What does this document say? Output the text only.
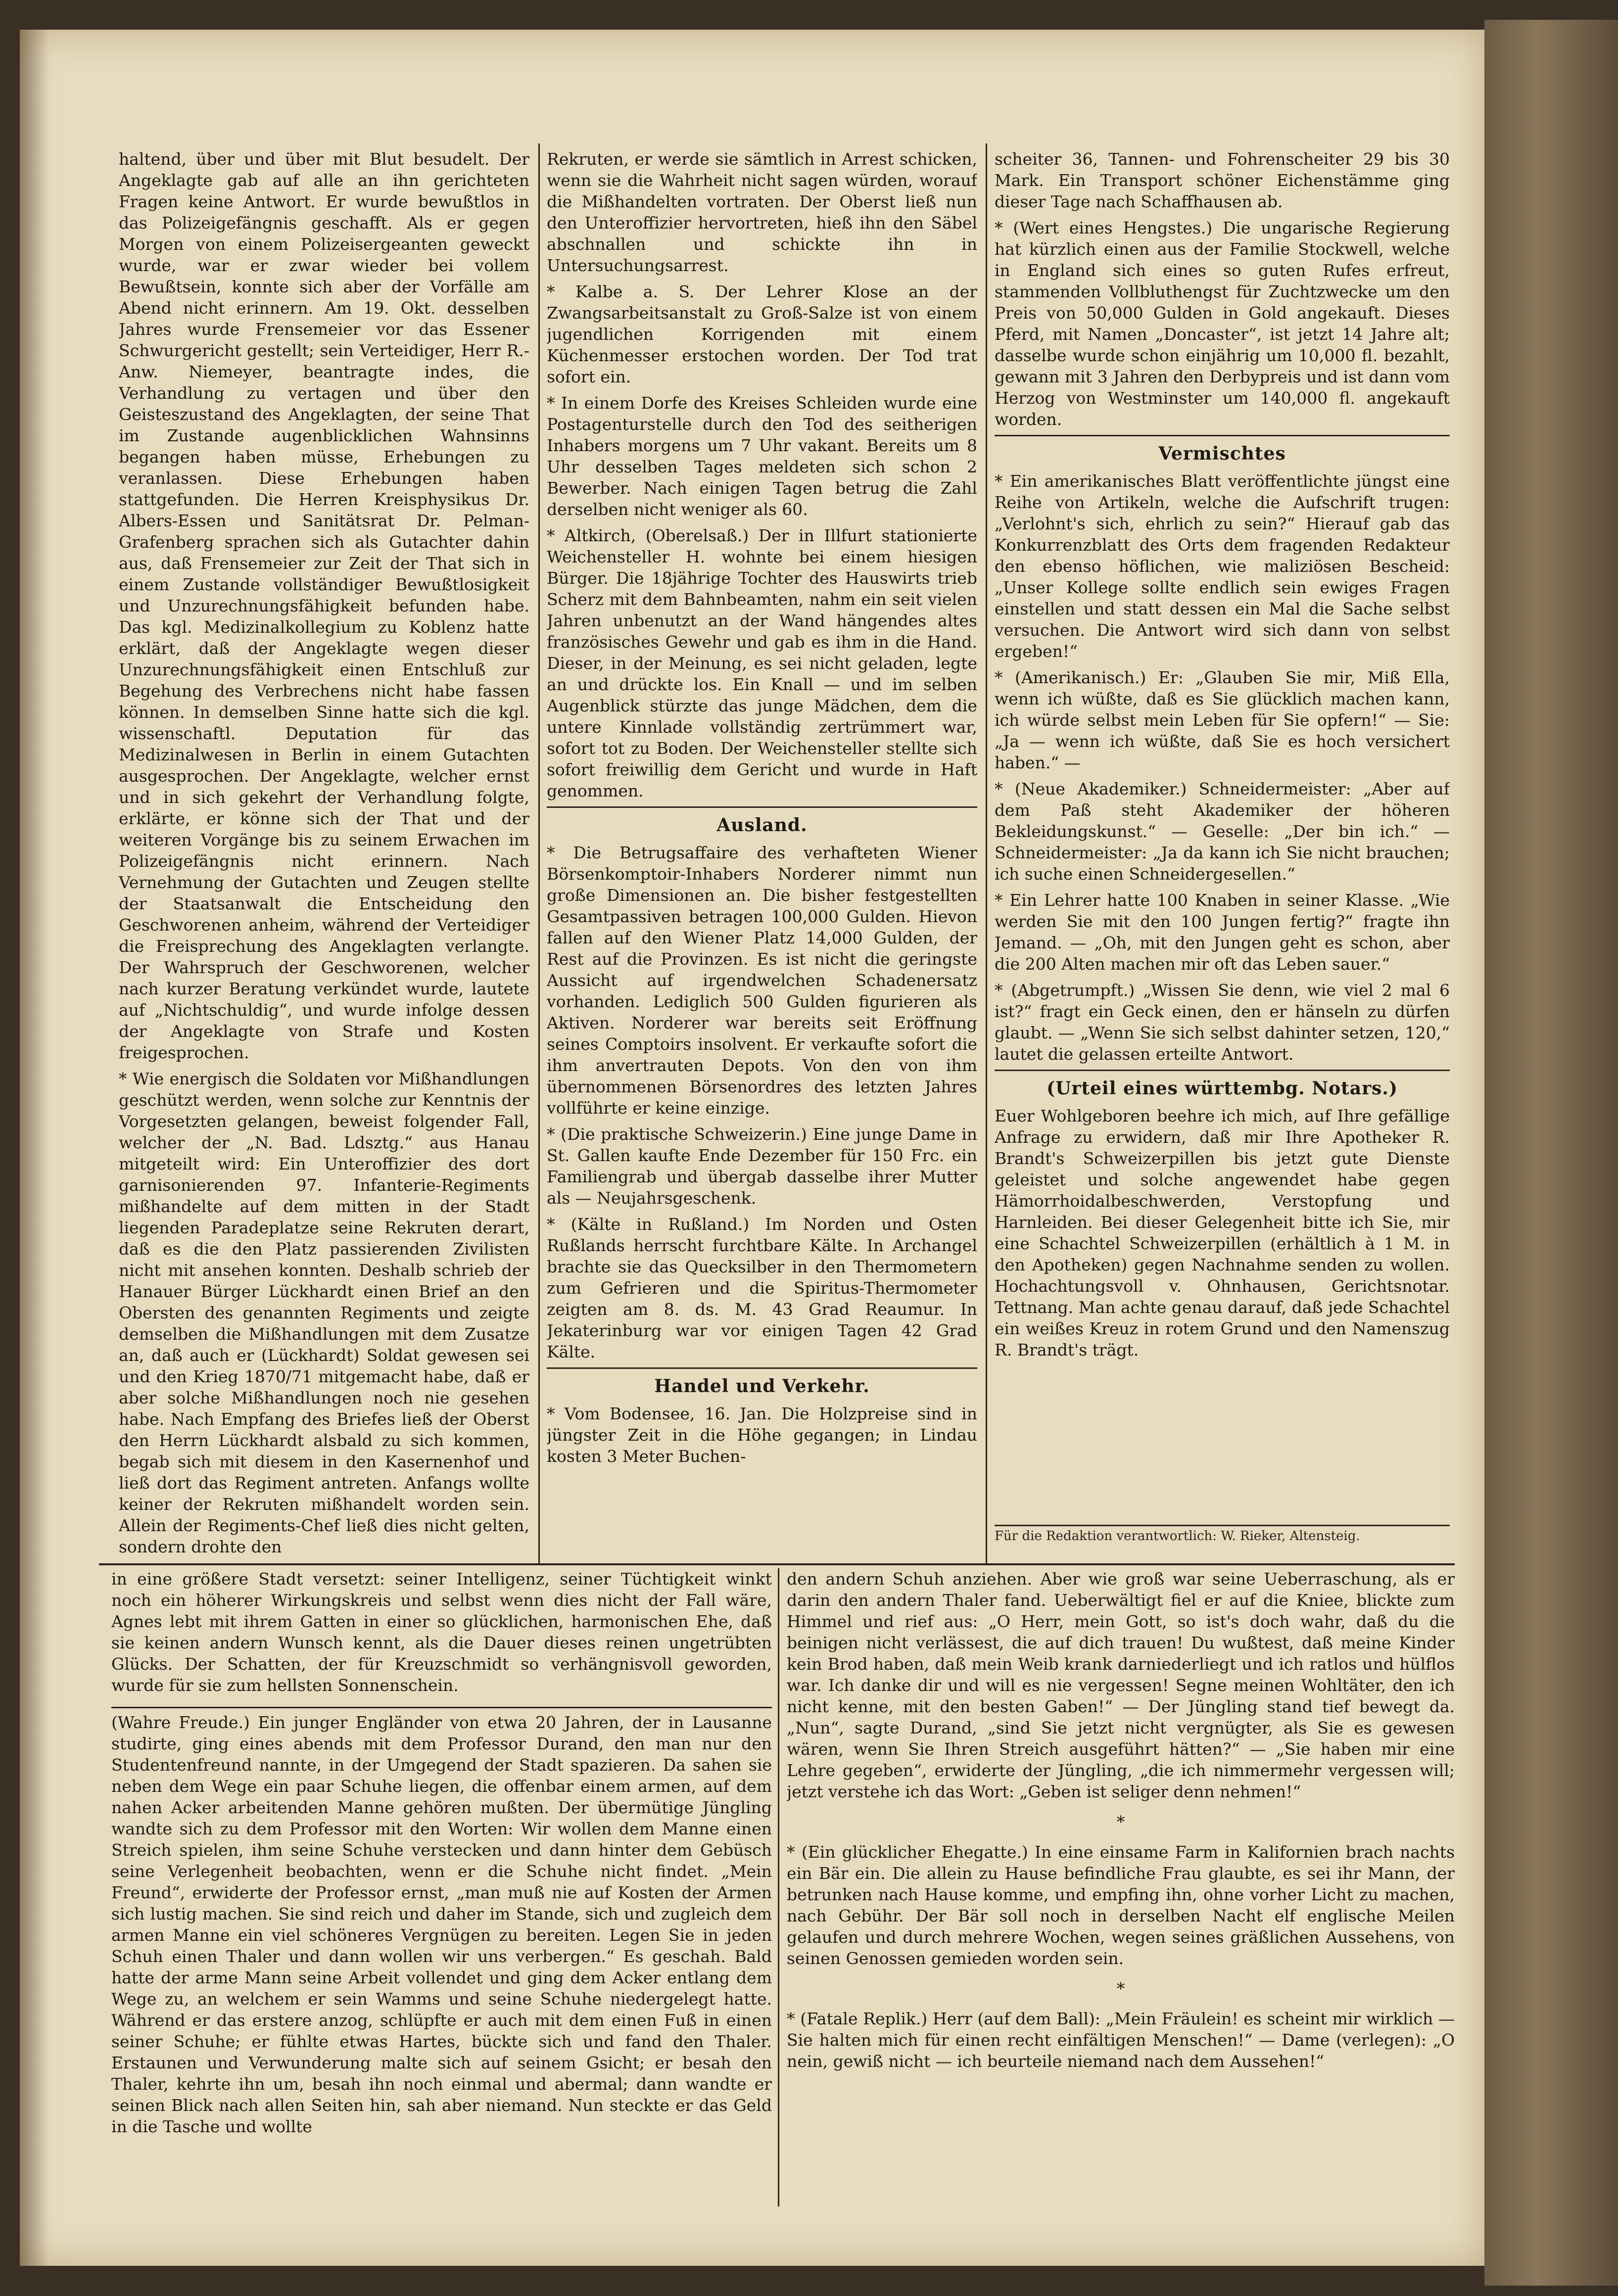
haltend, über und über mit Blut besudelt. Der Angeklagte gab auf alle an ihn gerichteten Fragen keine Antwort. Er wurde bewußtlos in das Polizeigefängnis geschafft. Als er gegen Morgen von einem Polizeisergeanten geweckt wurde, war er zwar wieder bei vollem Bewußtsein, konnte sich aber der Vorfälle am Abend nicht erinnern. Am 19. Okt. desselben Jahres wurde Frensemeier vor das Essener Schwurgericht gestellt; sein Verteidiger, Herr R.-Anw. Niemeyer, beantragte indes, die Verhandlung zu vertagen und über den Geisteszustand des Angeklagten, der seine That im Zustande augenblicklichen Wahnsinns begangen haben müsse, Erhebungen zu veranlassen. Diese Erhebungen haben stattgefunden. Die Herren Kreisphysikus Dr. Albers-Essen und Sanitätsrat Dr. Pelman-Grafenberg sprachen sich als Gutachter dahin aus, daß Frensemeier zur Zeit der That sich in einem Zustande vollständiger Bewußtlosigkeit und Unzurechnungsfähigkeit befunden habe. Das kgl. Medizinalkollegium zu Koblenz hatte erklärt, daß der Angeklagte wegen dieser Unzurechnungsfähigkeit einen Entschluß zur Begehung des Verbrechens nicht habe fassen können. In demselben Sinne hatte sich die kgl. wissenschaftl. Deputation für das Medizinalwesen in Berlin in einem Gutachten ausgesprochen. Der Angeklagte, welcher ernst und in sich gekehrt der Verhandlung folgte, erklärte, er könne sich der That und der weiteren Vorgänge bis zu seinem Erwachen im Polizeigefängnis nicht erinnern. Nach Vernehmung der Gutachten und Zeugen stellte der Staatsanwalt die Entscheidung den Geschworenen anheim, während der Verteidiger die Freisprechung des Angeklagten verlangte. Der Wahrspruch der Geschworenen, welcher nach kurzer Beratung verkündet wurde, lautete auf „Nichtschuldig“, und wurde infolge dessen der Angeklagte von Strafe und Kosten freigesprochen.

* Wie energisch die Soldaten vor Mißhandlungen geschützt werden, wenn solche zur Kenntnis der Vorgesetzten gelangen, beweist folgender Fall, welcher der „N. Bad. Ldsztg.“ aus Hanau mitgeteilt wird: Ein Unteroffizier des dort garnisonierenden 97. Infanterie-Regiments mißhandelte auf dem mitten in der Stadt liegenden Paradeplatze seine Rekruten derart, daß es die den Platz passierenden Zivilisten nicht mit ansehen konnten. Deshalb schrieb der Hanauer Bürger Lückhardt einen Brief an den Obersten des genannten Regiments und zeigte demselben die Mißhandlungen mit dem Zusatze an, daß auch er (Lückhardt) Soldat gewesen sei und den Krieg 1870/71 mitgemacht habe, daß er aber solche Mißhandlungen noch nie gesehen habe. Nach Empfang des Briefes ließ der Oberst den Herrn Lückhardt alsbald zu sich kommen, begab sich mit diesem in den Kasernenhof und ließ dort das Regiment antreten. Anfangs wollte keiner der Rekruten mißhandelt worden sein. Allein der Regiments-Chef ließ dies nicht gelten, sondern drohte den

Rekruten, er werde sie sämtlich in Arrest schicken, wenn sie die Wahrheit nicht sagen würden, worauf die Mißhandelten vortraten. Der Oberst ließ nun den Unteroffizier hervortreten, hieß ihn den Säbel abschnallen und schickte ihn in Untersuchungsarrest.

* Kalbe a. S. Der Lehrer Klose an der Zwangsarbeitsanstalt zu Groß-Salze ist von einem jugendlichen Korrigenden mit einem Küchenmesser erstochen worden. Der Tod trat sofort ein.

* In einem Dorfe des Kreises Schleiden wurde eine Postagenturstelle durch den Tod des seitherigen Inhabers morgens um 7 Uhr vakant. Bereits um 8 Uhr desselben Tages meldeten sich schon 2 Bewerber. Nach einigen Tagen betrug die Zahl derselben nicht weniger als 60.

* Altkirch, (Oberelsaß.) Der in Illfurt stationierte Weichensteller H. wohnte bei einem hiesigen Bürger. Die 18jährige Tochter des Hauswirts trieb Scherz mit dem Bahnbeamten, nahm ein seit vielen Jahren unbenutzt an der Wand hängendes altes französisches Gewehr und gab es ihm in die Hand. Dieser, in der Meinung, es sei nicht geladen, legte an und drückte los. Ein Knall — und im selben Augenblick stürzte das junge Mädchen, dem die untere Kinnlade vollständig zertrümmert war, sofort tot zu Boden. Der Weichensteller stellte sich sofort freiwillig dem Gericht und wurde in Haft genommen.

Ausland.

* Die Betrugsaffaire des verhafteten Wiener Börsenkomptoir-Inhabers Norderer nimmt nun große Dimensionen an. Die bisher festgestellten Gesamtpassiven betragen 100,000 Gulden. Hievon fallen auf den Wiener Platz 14,000 Gulden, der Rest auf die Provinzen. Es ist nicht die geringste Aussicht auf irgendwelchen Schadenersatz vorhanden. Lediglich 500 Gulden figurieren als Aktiven. Norderer war bereits seit Eröffnung seines Comptoirs insolvent. Er verkaufte sofort die ihm anvertrauten Depots. Von den von ihm übernommenen Börsenordres des letzten Jahres vollführte er keine einzige.

* (Die praktische Schweizerin.) Eine junge Dame in St. Gallen kaufte Ende Dezember für 150 Frc. ein Familiengrab und übergab dasselbe ihrer Mutter als — Neujahrsgeschenk.

* (Kälte in Rußland.) Im Norden und Osten Rußlands herrscht furchtbare Kälte. In Archangel brachte sie das Quecksilber in den Thermometern zum Gefrieren und die Spiritus-Thermometer zeigten am 8. ds. M. 43 Grad Reaumur. In Jekaterinburg war vor einigen Tagen 42 Grad Kälte.

Handel und Verkehr.

* Vom Bodensee, 16. Jan. Die Holzpreise sind in jüngster Zeit in die Höhe gegangen; in Lindau kosten 3 Meter Buchen-

scheiter 36, Tannen- und Fohrenscheiter 29 bis 30 Mark. Ein Transport schöner Eichenstämme ging dieser Tage nach Schaffhausen ab.

* (Wert eines Hengstes.) Die ungarische Regierung hat kürzlich einen aus der Familie Stockwell, welche in England sich eines so guten Rufes erfreut, stammenden Vollbluthengst für Zuchtzwecke um den Preis von 50,000 Gulden in Gold angekauft. Dieses Pferd, mit Namen „Doncaster“, ist jetzt 14 Jahre alt; dasselbe wurde schon einjährig um 10,000 fl. bezahlt, gewann mit 3 Jahren den Derbypreis und ist dann vom Herzog von Westminster um 140,000 fl. angekauft worden.

Vermischtes

* Ein amerikanisches Blatt veröffentlichte jüngst eine Reihe von Artikeln, welche die Aufschrift trugen: „Verlohnt's sich, ehrlich zu sein?“ Hierauf gab das Konkurrenzblatt des Orts dem fragenden Redakteur den ebenso höflichen, wie maliziösen Bescheid: „Unser Kollege sollte endlich sein ewiges Fragen einstellen und statt dessen ein Mal die Sache selbst versuchen. Die Antwort wird sich dann von selbst ergeben!“

* (Amerikanisch.) Er: „Glauben Sie mir, Miß Ella, wenn ich wüßte, daß es Sie glücklich machen kann, ich würde selbst mein Leben für Sie opfern!“ — Sie: „Ja — wenn ich wüßte, daß Sie es hoch versichert haben.“ —

* (Neue Akademiker.) Schneidermeister: „Aber auf dem Paß steht Akademiker der höheren Bekleidungskunst.“ — Geselle: „Der bin ich.“ — Schneidermeister: „Ja da kann ich Sie nicht brauchen; ich suche einen Schneidergesellen.“

* Ein Lehrer hatte 100 Knaben in seiner Klasse. „Wie werden Sie mit den 100 Jungen fertig?“ fragte ihn Jemand. — „Oh, mit den Jungen geht es schon, aber die 200 Alten machen mir oft das Leben sauer.“

* (Abgetrumpft.) „Wissen Sie denn, wie viel 2 mal 6 ist?“ fragt ein Geck einen, den er hänseln zu dürfen glaubt. — „Wenn Sie sich selbst dahinter setzen, 120,“ lautet die gelassen erteilte Antwort.

(Urteil eines württembg. Notars.)

Euer Wohlgeboren beehre ich mich, auf Ihre gefällige Anfrage zu erwidern, daß mir Ihre Apotheker R. Brandt's Schweizerpillen bis jetzt gute Dienste geleistet und solche angewendet habe gegen Hämorrhoidalbeschwerden, Verstopfung und Harnleiden. Bei dieser Gelegenheit bitte ich Sie, mir eine Schachtel Schweizerpillen (erhältlich à 1 M. in den Apotheken) gegen Nachnahme senden zu wollen. Hochachtungsvoll v. Ohnhausen, Gerichtsnotar. Tettnang. Man achte genau darauf, daß jede Schachtel ein weißes Kreuz in rotem Grund und den Namenszug R. Brandt's trägt.

Für die Redaktion verantwortlich: W. Rieker, Altensteig.

in eine größere Stadt versetzt: seiner Intelligenz, seiner Tüchtigkeit winkt noch ein höherer Wirkungskreis und selbst wenn dies nicht der Fall wäre, Agnes lebt mit ihrem Gatten in einer so glücklichen, harmonischen Ehe, daß sie keinen andern Wunsch kennt, als die Dauer dieses reinen ungetrübten Glücks. Der Schatten, der für Kreuzschmidt so verhängnisvoll geworden, wurde für sie zum hellsten Sonnenschein.

(Wahre Freude.) Ein junger Engländer von etwa 20 Jahren, der in Lausanne studirte, ging eines abends mit dem Professor Durand, den man nur den Studentenfreund nannte, in der Umgegend der Stadt spazieren. Da sahen sie neben dem Wege ein paar Schuhe liegen, die offenbar einem armen, auf dem nahen Acker arbeitenden Manne gehören mußten. Der übermütige Jüngling wandte sich zu dem Professor mit den Worten: Wir wollen dem Manne einen Streich spielen, ihm seine Schuhe verstecken und dann hinter dem Gebüsch seine Verlegenheit beobachten, wenn er die Schuhe nicht findet. „Mein Freund“, erwiderte der Professor ernst, „man muß nie auf Kosten der Armen sich lustig machen. Sie sind reich und daher im Stande, sich und zugleich dem armen Manne ein viel schöneres Vergnügen zu bereiten. Legen Sie in jeden Schuh einen Thaler und dann wollen wir uns verbergen.“ Es geschah. Bald hatte der arme Mann seine Arbeit vollendet und ging dem Acker entlang dem Wege zu, an welchem er sein Wamms und seine Schuhe niedergelegt hatte. Während er das erstere anzog, schlüpfte er auch mit dem einen Fuß in einen seiner Schuhe; er fühlte etwas Hartes, bückte sich und fand den Thaler. Erstaunen und Verwunderung malte sich auf seinem Gsicht; er besah den Thaler, kehrte ihn um, besah ihn noch einmal und abermal; dann wandte er seinen Blick nach allen Seiten hin, sah aber niemand. Nun steckte er das Geld in die Tasche und wollte

den andern Schuh anziehen. Aber wie groß war seine Ueberraschung, als er darin den andern Thaler fand. Ueberwältigt fiel er auf die Kniee, blickte zum Himmel und rief aus: „O Herr, mein Gott, so ist's doch wahr, daß du die beinigen nicht verlässest, die auf dich trauen! Du wußtest, daß meine Kinder kein Brod haben, daß mein Weib krank darniederliegt und ich ratlos und hülflos war. Ich danke dir und will es nie vergessen! Segne meinen Wohltäter, den ich nicht kenne, mit den besten Gaben!“ — Der Jüngling stand tief bewegt da. „Nun“, sagte Durand, „sind Sie jetzt nicht vergnügter, als Sie es gewesen wären, wenn Sie Ihren Streich ausgeführt hätten?“ — „Sie haben mir eine Lehre gegeben“, erwiderte der Jüngling, „die ich nimmermehr vergessen will; jetzt verstehe ich das Wort: „Geben ist seliger denn nehmen!“

*

* (Ein glücklicher Ehegatte.) In eine einsame Farm in Kalifornien brach nachts ein Bär ein. Die allein zu Hause befindliche Frau glaubte, es sei ihr Mann, der betrunken nach Hause komme, und empfing ihn, ohne vorher Licht zu machen, nach Gebühr. Der Bär soll noch in derselben Nacht elf englische Meilen gelaufen und durch mehrere Wochen, wegen seines gräßlichen Aussehens, von seinen Genossen gemieden worden sein.

*

* (Fatale Replik.) Herr (auf dem Ball): „Mein Fräulein! es scheint mir wirklich — Sie halten mich für einen recht einfältigen Menschen!“ — Dame (verlegen): „O nein, gewiß nicht — ich beurteile niemand nach dem Aussehen!“
